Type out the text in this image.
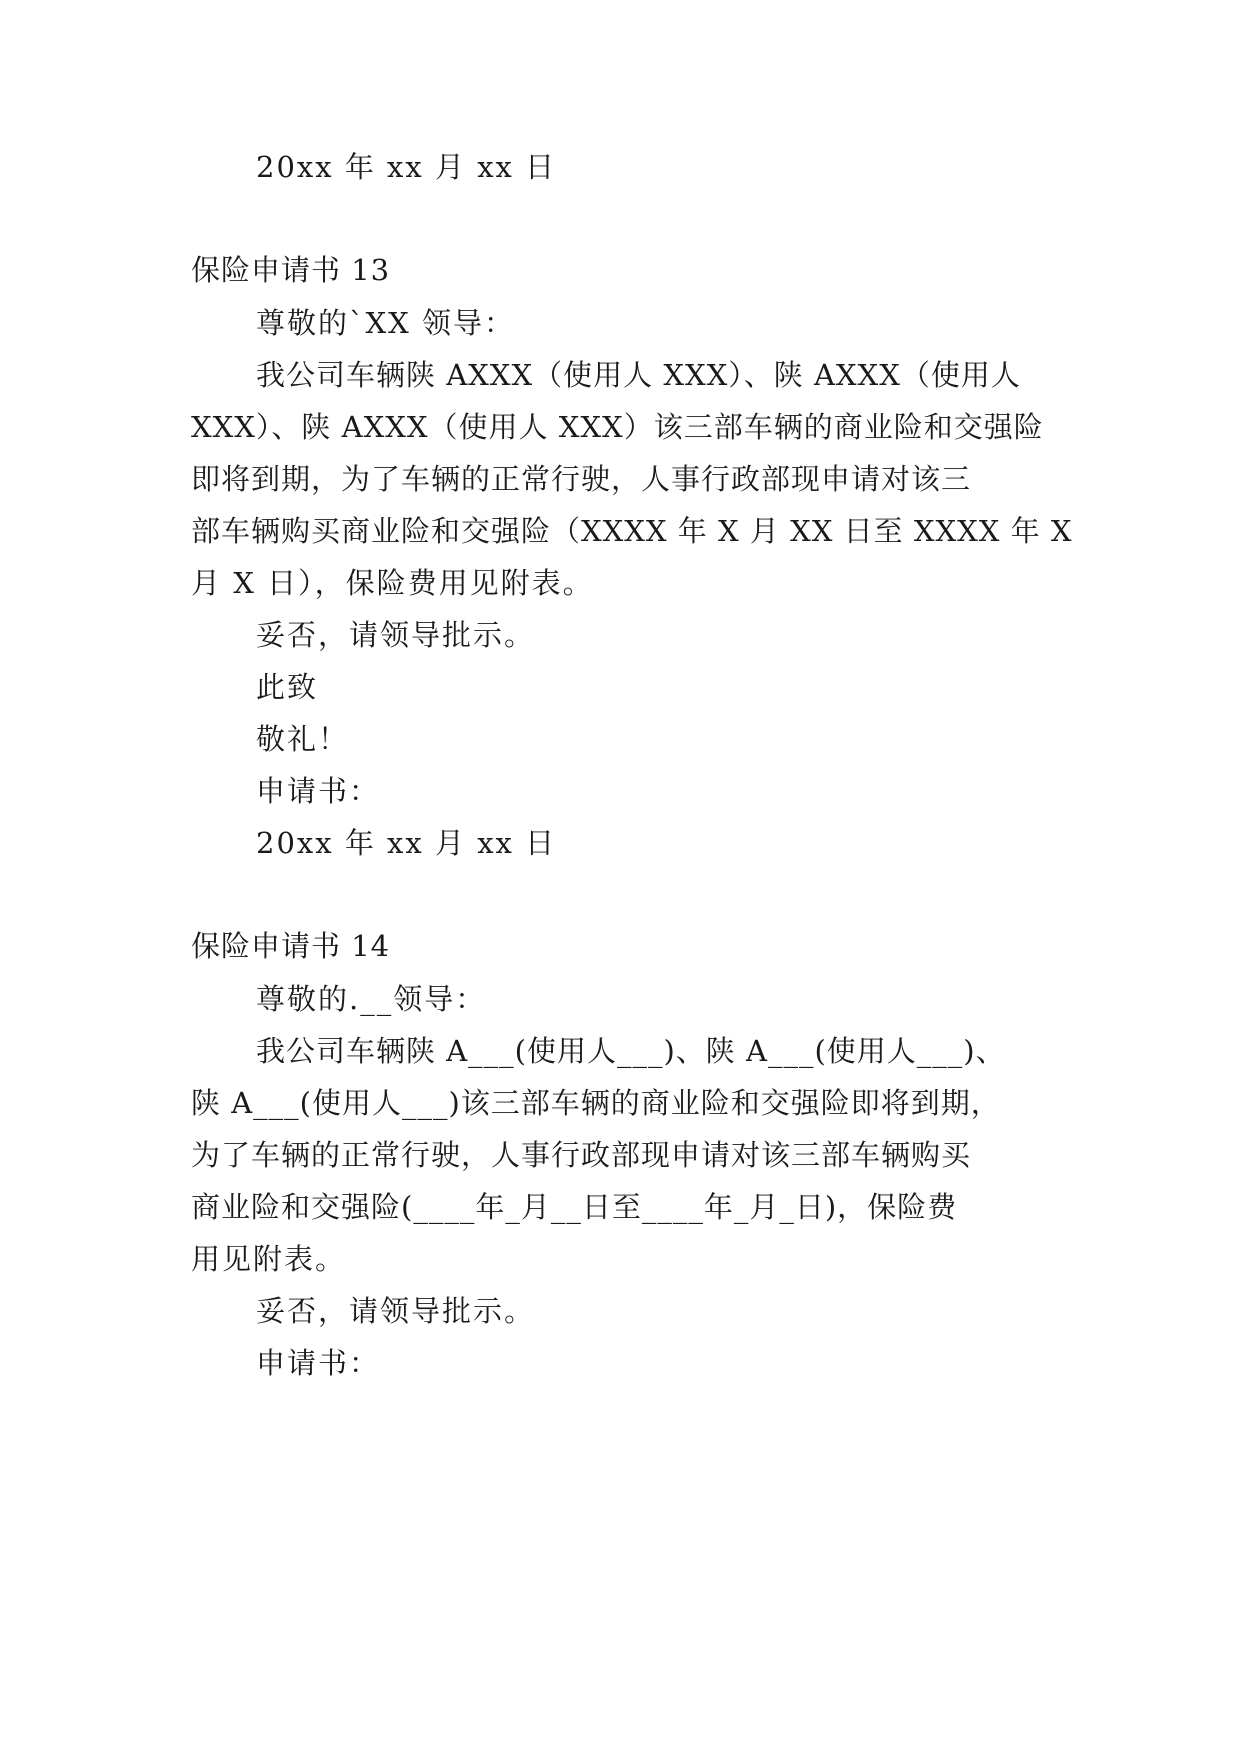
20xx 年 xx 月 xx 日
保险申请书 13
尊敬的`XX 领导：
我公司车辆陕 AXXX（使用人 XXX）、陕 AXXX（使用人
XXX）、陕 AXXX（使用人 XXX）该三部车辆的商业险和交强险
即将到期，为了车辆的正常行驶，人事行政部现申请对该三
部车辆购买商业险和交强险（XXXX 年 X 月 XX 日至 XXXX 年 X
月 X 日），保险费用见附表。
妥否，请领导批示。
此致
敬礼！
申请书：
20xx 年 xx 月 xx 日
保险申请书 14
尊敬的.__领导：
我公司车辆陕 A___(使用人___)、陕 A___(使用人___)、
陕 A___(使用人___)该三部车辆的商业险和交强险即将到期，
为了车辆的正常行驶，人事行政部现申请对该三部车辆购买
商业险和交强险(____年_月__日至____年_月_日)，保险费
用见附表。
妥否，请领导批示。
申请书：
